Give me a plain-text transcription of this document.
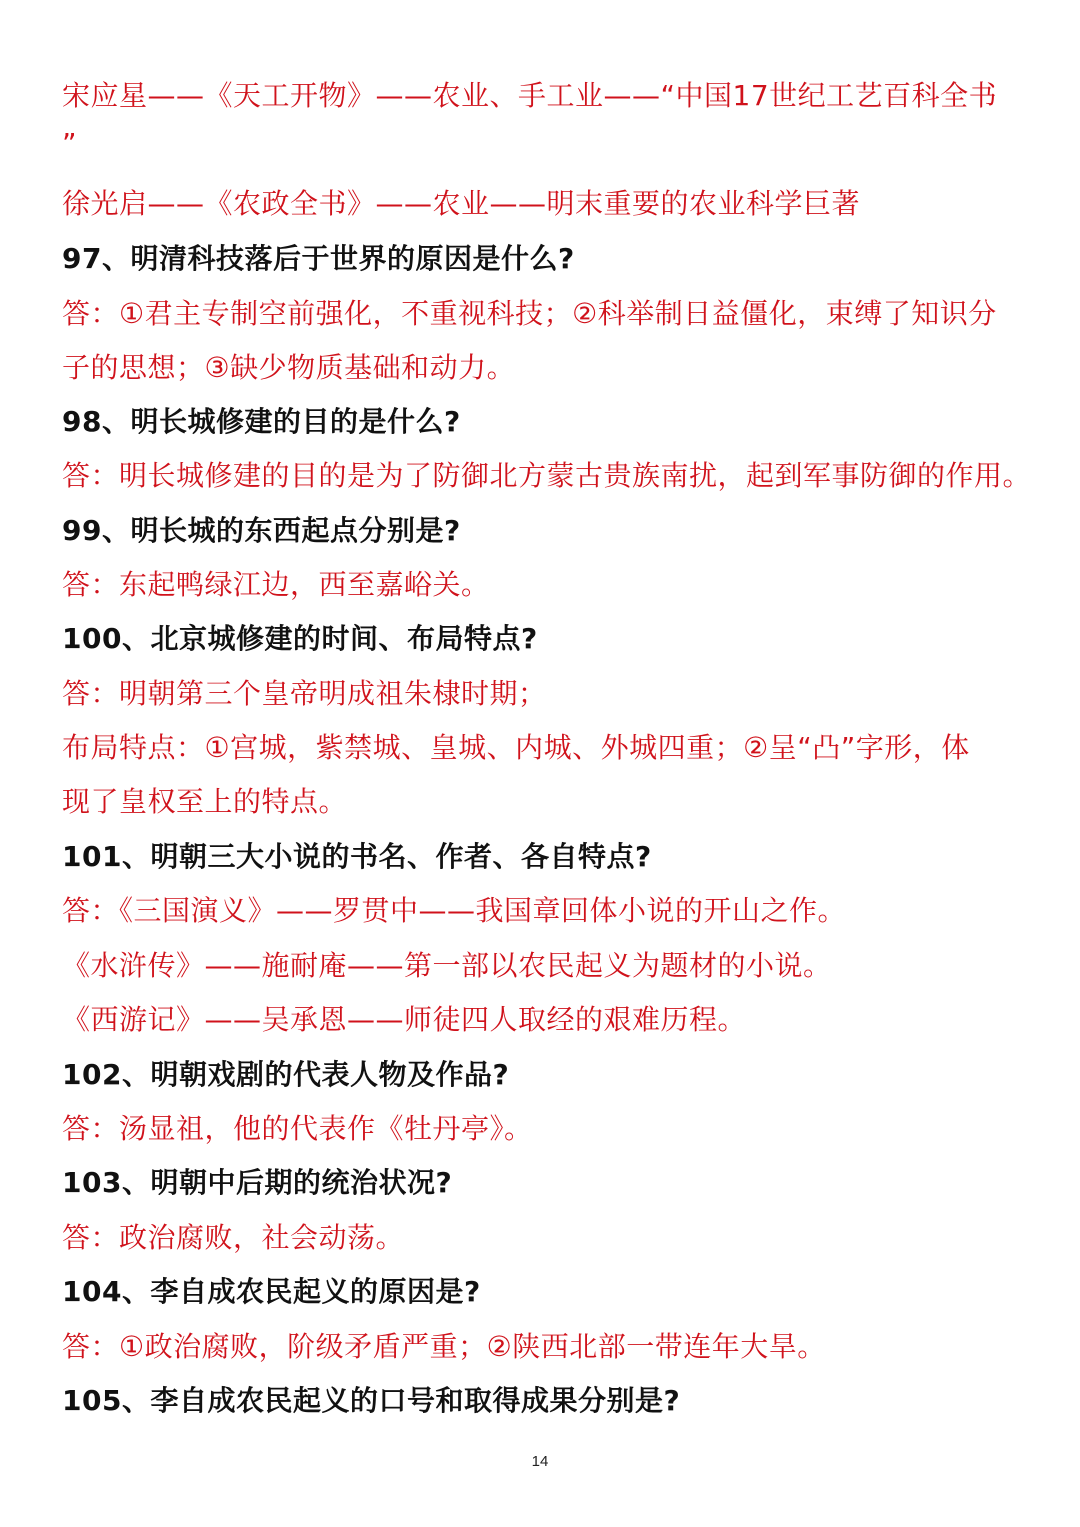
宋应星——《天工开物》——农业、手工业——“中国17世纪工艺百科全书
”
徐光启——《农政全书》——农业——明末重要的农业科学巨著
97、明清科技落后于世界的原因是什么?
答：①君主专制空前强化，不重视科技；②科举制日益僵化，束缚了知识分
子的思想；③缺少物质基础和动力。
98、明长城修建的目的是什么?
答：明长城修建的目的是为了防御北方蒙古贵族南扰，起到军事防御的作用。
99、明长城的东西起点分别是?
答：东起鸭绿江边，西至嘉峪关。
100、北京城修建的时间、布局特点?
答：明朝第三个皇帝明成祖朱棣时期；
布局特点：①宫城，紫禁城、皇城、内城、外城四重；②呈“凸”字形，体
现了皇权至上的特点。
101、明朝三大小说的书名、作者、各自特点?
答：《三国演义》——罗贯中——我国章回体小说的开山之作。
《水浒传》——施耐庵——第一部以农民起义为题材的小说。
《西游记》——吴承恩——师徒四人取经的艰难历程。
102、明朝戏剧的代表人物及作品?
答：汤显祖，他的代表作《牡丹亭》。
103、明朝中后期的统治状况?
答：政治腐败，社会动荡。
104、李自成农民起义的原因是?
答：①政治腐败，阶级矛盾严重；②陕西北部一带连年大旱。
105、李自成农民起义的口号和取得成果分别是?
14
